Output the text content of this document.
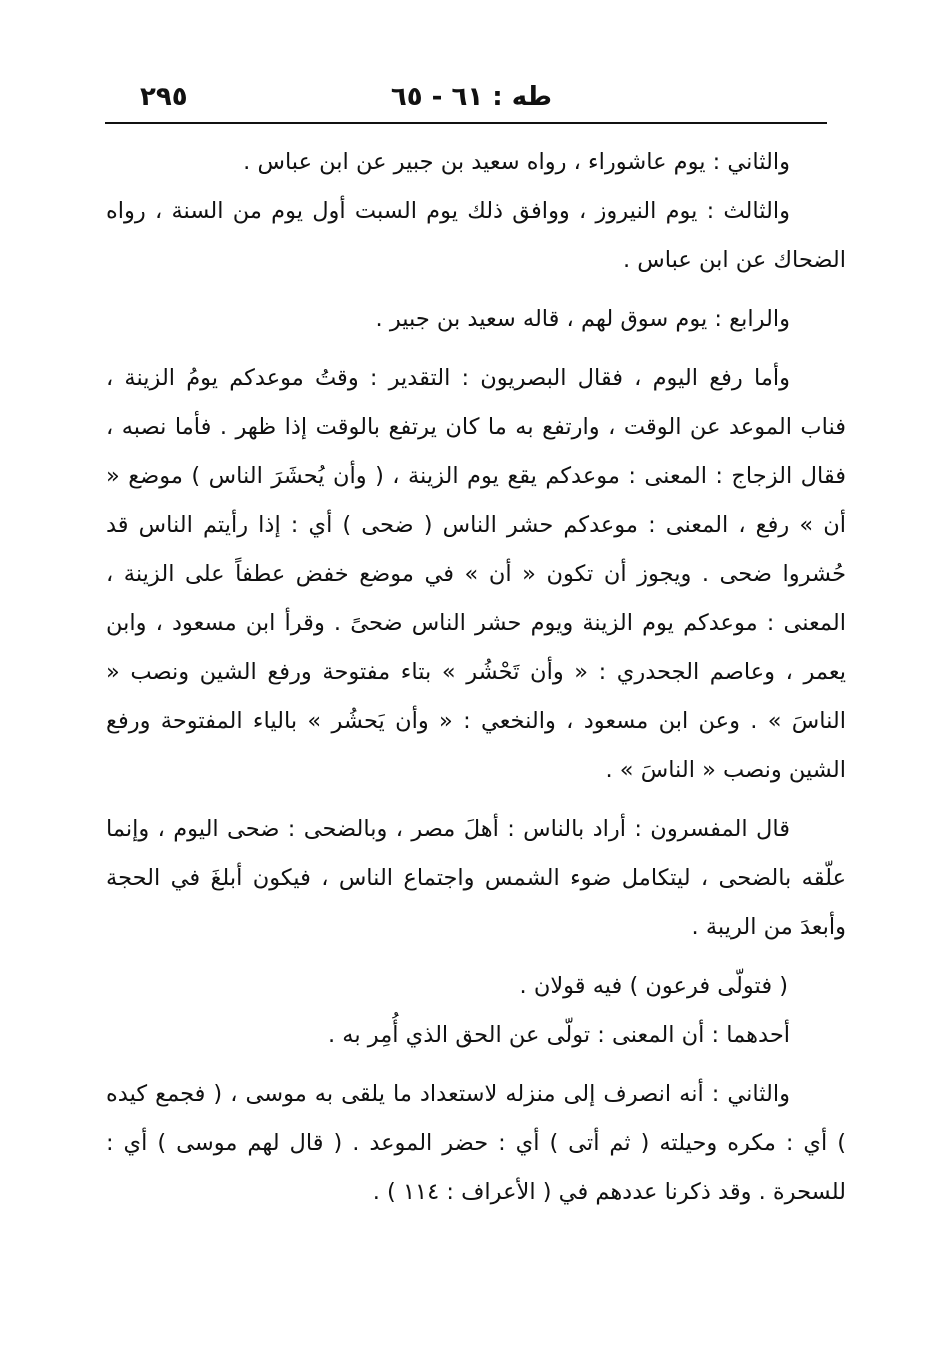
طه : ٦١ - ٦٥
٢٩٥

والثاني : يوم عاشوراء ، رواه سعيد بن جبير عن ابن عباس .

والثالث : يوم النيروز ، ووافق ذلك يوم السبت أول يوم من السنة ، رواه الضحاك عن ابن عباس .

والرابع : يوم سوق لهم ، قاله سعيد بن جبير .

وأما رفع اليوم ، فقال البصريون : التقدير : وقتُ موعدكم يومُ الزينة ، فناب الموعد عن الوقت ، وارتفع به ما كان يرتفع بالوقت إذا ظهر . فأما نصبه ، فقال الزجاج : المعنى : موعدكم يقع يوم الزينة ، ( وأن يُحشَرَ الناس ) موضع « أن » رفع ، المعنى : موعدكم حشر الناس ( ضحى ) أي : إذا رأيتم الناس قد حُشروا ضحى . ويجوز أن تكون « أن » في موضع خفض عطفاً على الزينة ، المعنى : موعدكم يوم الزينة ويوم حشر الناس ضحىً . وقرأ ابن مسعود ، وابن يعمر ، وعاصم الجحدري : « وأن تَحْشُر » بتاء مفتوحة ورفع الشين ونصب « الناسَ » . وعن ابن مسعود ، والنخعي : « وأن يَحشُر » بالياء المفتوحة ورفع الشين ونصب « الناسَ » .

قال المفسرون : أراد بالناس : أهلَ مصر ، وبالضحى : ضحى اليوم ، وإنما علّقه بالضحى ، ليتكامل ضوء الشمس واجتماع الناس ، فيكون أبلغَ في الحجة وأبعدَ من الريبة .

( فتولّى فرعون ) فيه قولان .

أحدهما : أن المعنى : تولّى عن الحق الذي أُمِر به .

والثاني : أنه انصرف إلى منزله لاستعداد ما يلقى به موسى ، ( فجمع كيده ) أي : مكره وحيلته ( ثم أتى ) أي : حضر الموعد . ( قال لهم موسى ) أي : للسحرة . وقد ذكرنا عددهم في ( الأعراف : ١١٤ ) .
